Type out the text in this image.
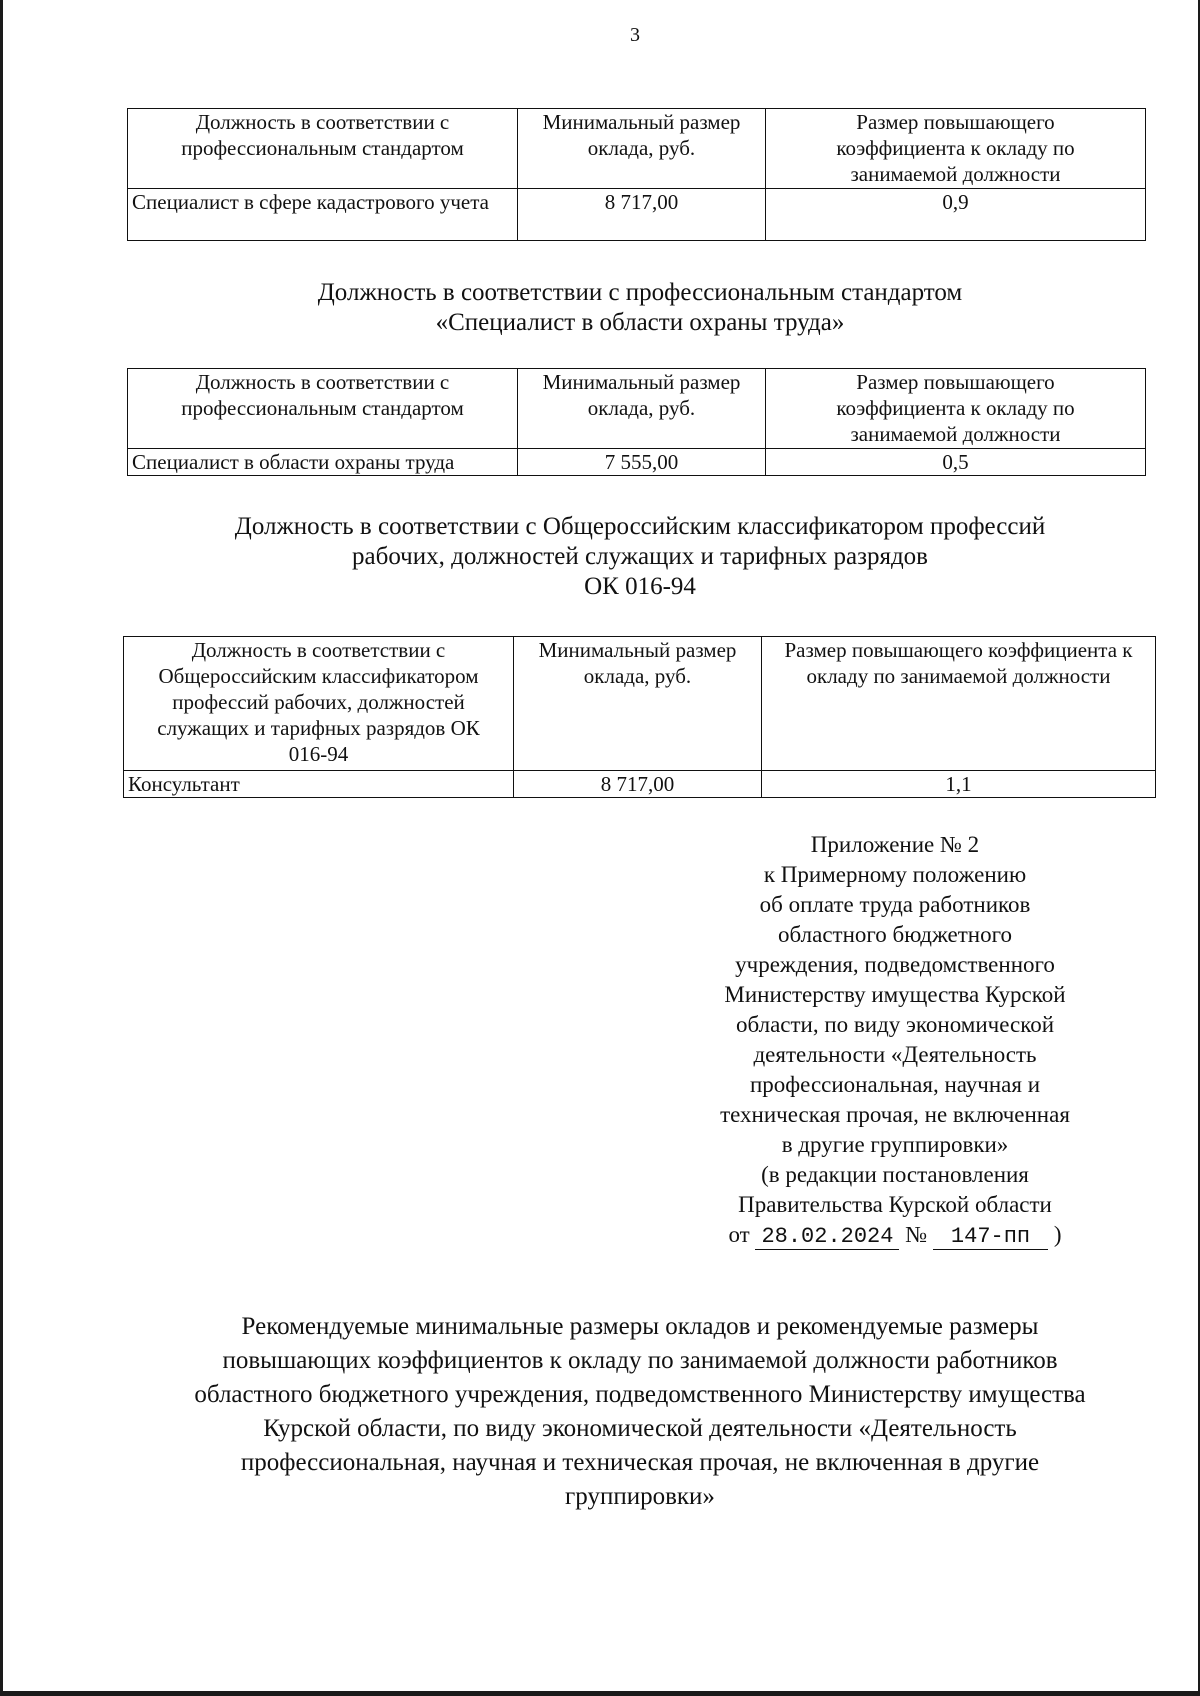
3
Должность в соответствии с профессиональным стандартом	Минимальный размер оклада, руб.	Размер повышающего коэффициента к окладу по занимаемой должности
Специалист в сфере кадастрового учета	8 717,00	0,9
Должность в соответствии с профессиональным стандартом
«Специалист в области охраны труда»
Должность в соответствии с профессиональным стандартом	Минимальный размер оклада, руб.	Размер повышающего коэффициента к окладу по занимаемой должности
Специалист в области охраны труда	7 555,00	0,5
Должность в соответствии с Общероссийским классификатором профессий
рабочих, должностей служащих и тарифных разрядов
ОК 016-94
Должность в соответствии с Общероссийским классификатором профессий рабочих, должностей служащих и тарифных разрядов ОК 016-94	Минимальный размер оклада, руб.	Размер повышающего коэффициента к окладу по занимаемой должности
Консультант	8 717,00	1,1
Приложение № 2
к Примерному положению
об оплате труда работников
областного бюджетного
учреждения, подведомственного
Министерству имущества Курской
области, по виду экономической
деятельности «Деятельность
профессиональная, научная и
техническая прочая, не включенная
в другие группировки»
(в редакции постановления
Правительства Курской области
от 28.02.2024 № 147-пп )
Рекомендуемые минимальные размеры окладов и рекомендуемые размеры повышающих коэффициентов к окладу по занимаемой должности работников областного бюджетного учреждения, подведомственного Министерству имущества Курской области, по виду экономической деятельности «Деятельность профессиональная, научная и техническая прочая, не включенная в другие группировки»
